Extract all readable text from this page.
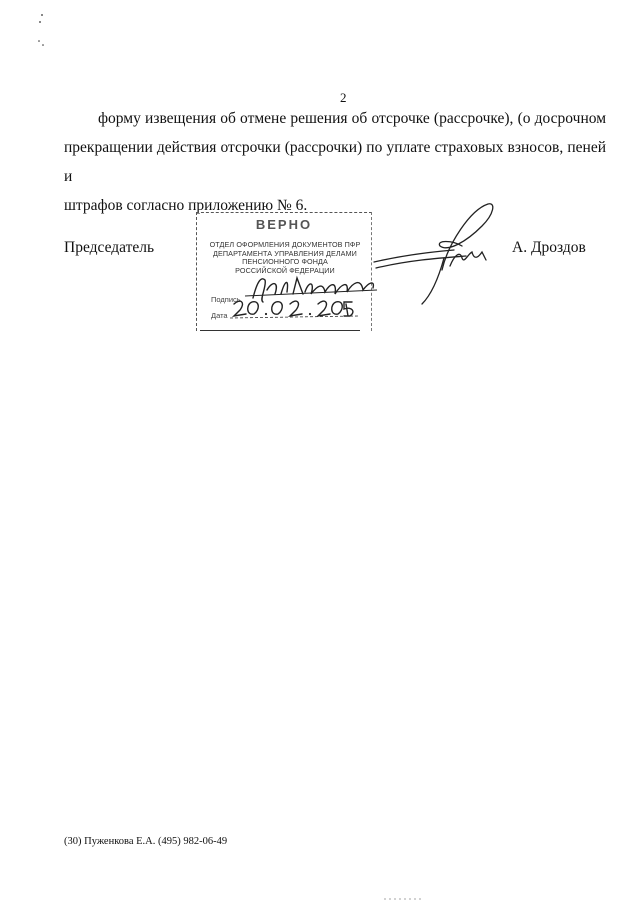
2
форму извещения об отмене решения об отсрочке (рассрочке), (о досрочном
прекращении действия отсрочки (рассрочки) по уплате страховых взносов, пеней и
штрафов согласно приложению № 6.
Председатель
ВЕРНО
ОТДЕЛ ОФОРМЛЕНИЯ ДОКУМЕНТОВ ПФР
ДЕПАРТАМЕНТА УПРАВЛЕНИЯ ДЕЛАМИ
ПЕНСИОННОГО ФОНДА
РОССИЙСКОЙ ФЕДЕРАЦИИ
Подпись
Дата
А. Дроздов
(30) Пуженкова Е.А. (495) 982-06-49
